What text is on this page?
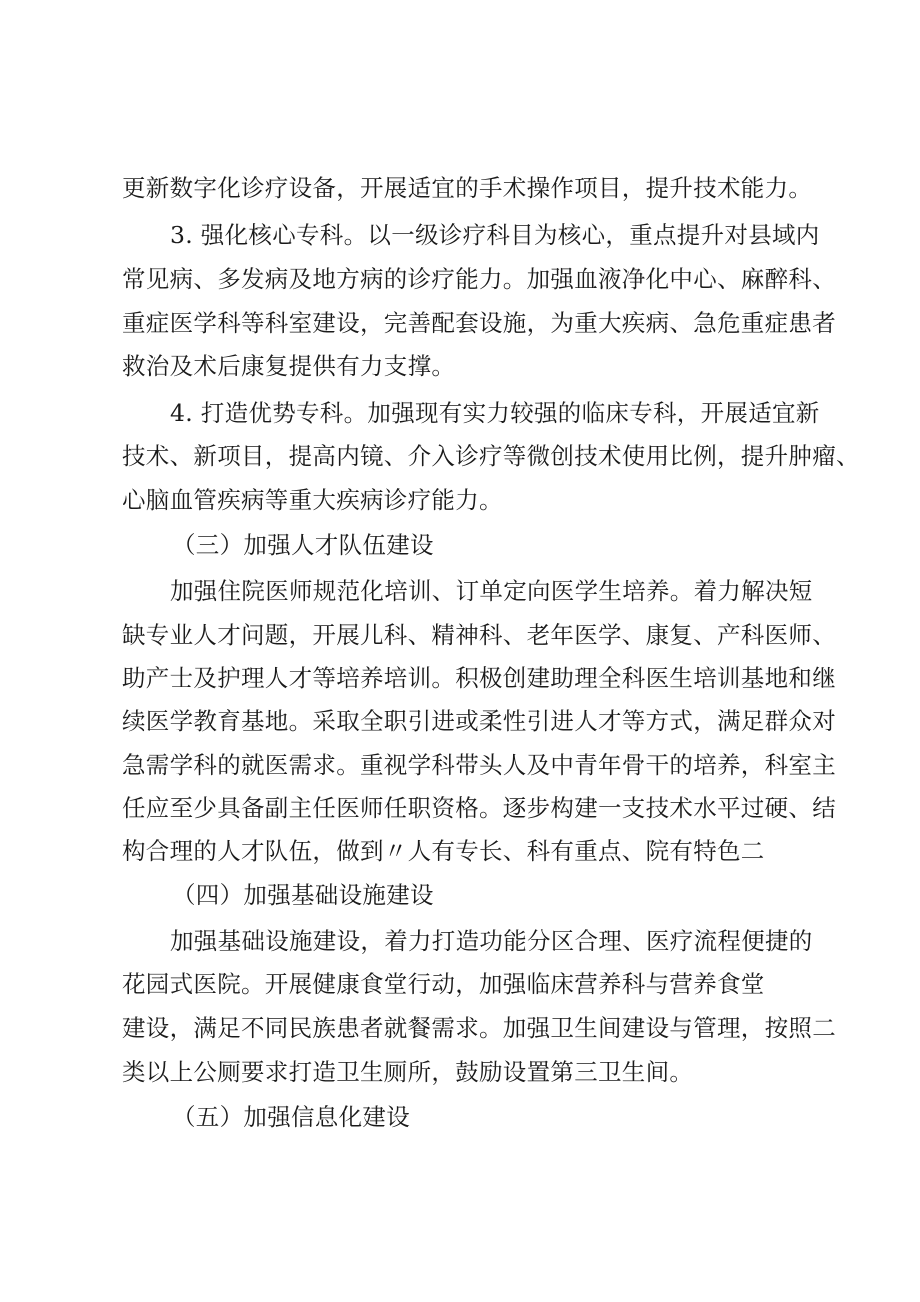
更新数字化诊疗设备，开展适宜的手术操作项目，提升技术能力。

3. 强化核心专科。以一级诊疗科目为核心，重点提升对县域内

常见病、多发病及地方病的诊疗能力。加强血液净化中心、麻醉科、

重症医学科等科室建设，完善配套设施，为重大疾病、急危重症患者

救治及术后康复提供有力支撑。

4. 打造优势专科。加强现有实力较强的临床专科，开展适宜新

技术、新项目，提高内镜、介入诊疗等微创技术使用比例，提升肿瘤、

心脑血管疾病等重大疾病诊疗能力。

（三）加强人才队伍建设

加强住院医师规范化培训、订单定向医学生培养。着力解决短

缺专业人才问题，开展儿科、精神科、老年医学、康复、产科医师、

助产士及护理人才等培养培训。积极创建助理全科医生培训基地和继

续医学教育基地。采取全职引进或柔性引进人才等方式，满足群众对

急需学科的就医需求。重视学科带头人及中青年骨干的培养，科室主

任应至少具备副主任医师任职资格。逐步构建一支技术水平过硬、结

构合理的人才队伍，做到〃人有专长、科有重点、院有特色二

（四）加强基础设施建设

加强基础设施建设，着力打造功能分区合理、医疗流程便捷的

花园式医院。开展健康食堂行动，加强临床营养科与营养食堂

建设，满足不同民族患者就餐需求。加强卫生间建设与管理，按照二

类以上公厕要求打造卫生厕所，鼓励设置第三卫生间。

（五）加强信息化建设
